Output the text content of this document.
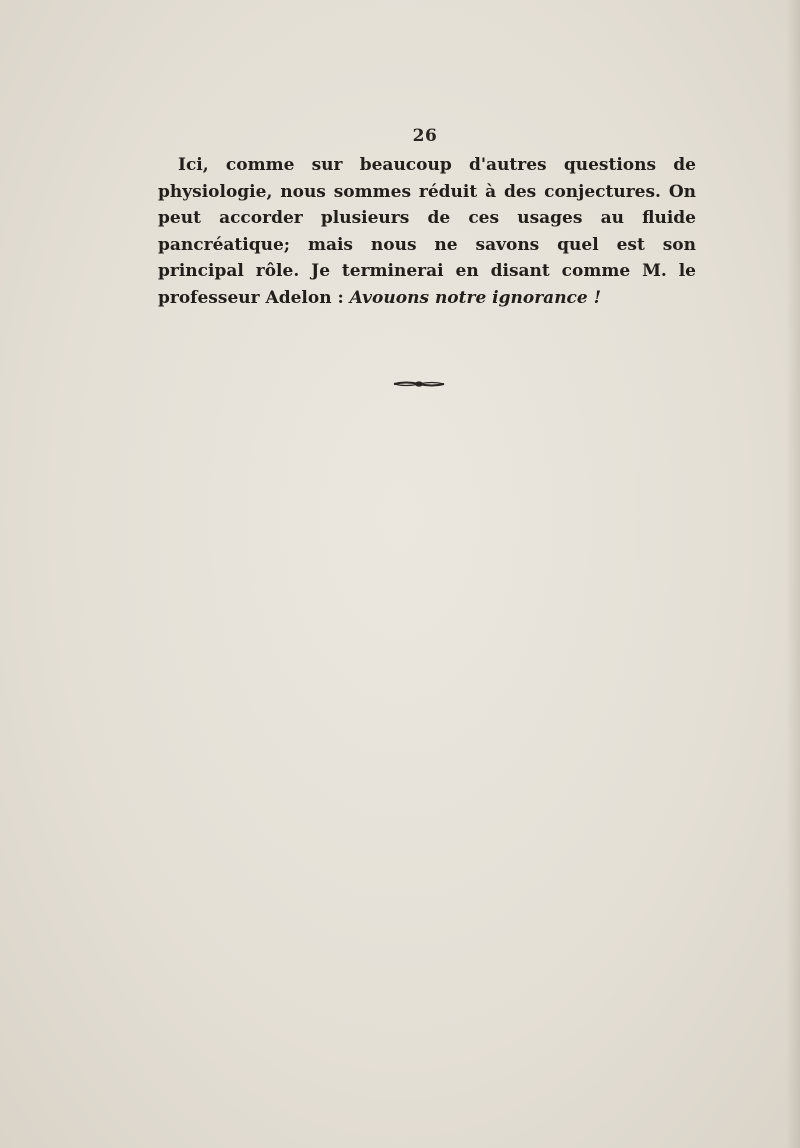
26

Ici, comme sur beaucoup d'autres questions de physiologie, nous sommes réduit à des conjectures. On peut accorder plusieurs de ces usages au fluide pancréatique; mais nous ne savons quel est son principal rôle. Je terminerai en disant comme M. le professeur Adelon : Avouons notre ignorance !
